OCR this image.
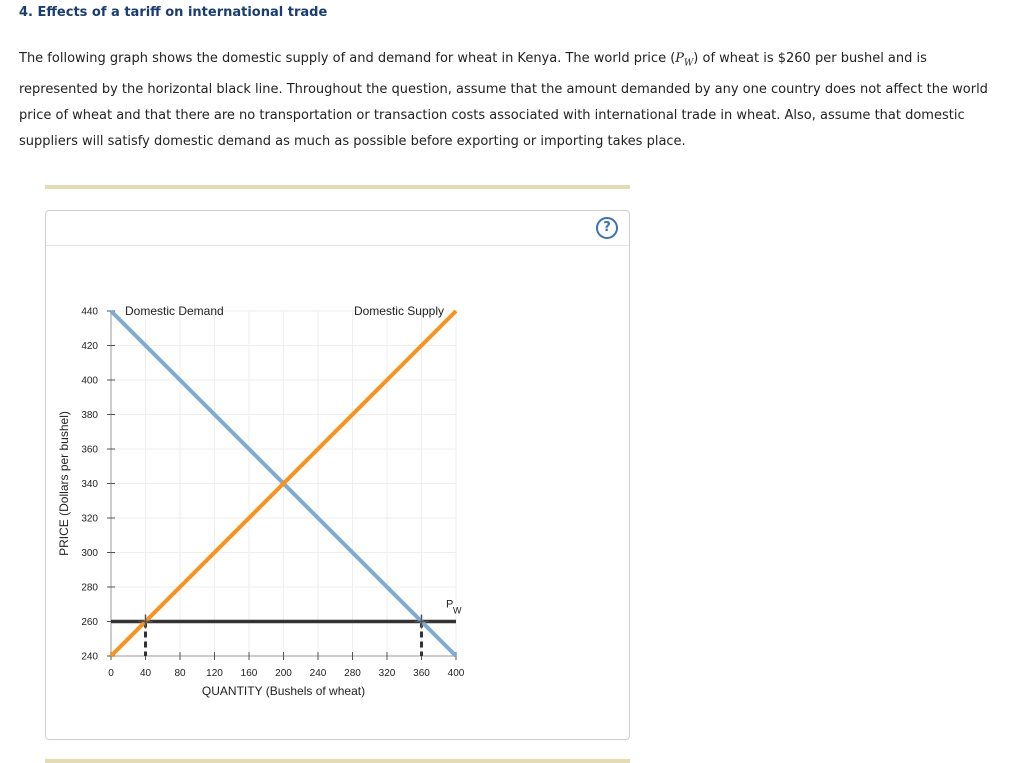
4. Effects of a tariff on international trade
The following graph shows the domestic supply of and demand for wheat in Kenya. The world price $(P_W)$ of wheat is $260 per bushel and is represented by the horizontal black line. Throughout the question, assume that the amount demanded by any one country does not affect the world price of wheat and that there are no transportation or transaction costs associated with international trade in wheat. Also, assume that domestic suppliers will satisfy domestic demand as much as possible before exporting or importing takes place.
?
240
260
280
300
320
340
360
380
400
420
440
0	40 80 120 160 200 240 280 320 360 400
QUANTITY (Bushels of wheat)
PRICE (Dollars per bushel)
Domestic Demand	Domestic Supply
P W
